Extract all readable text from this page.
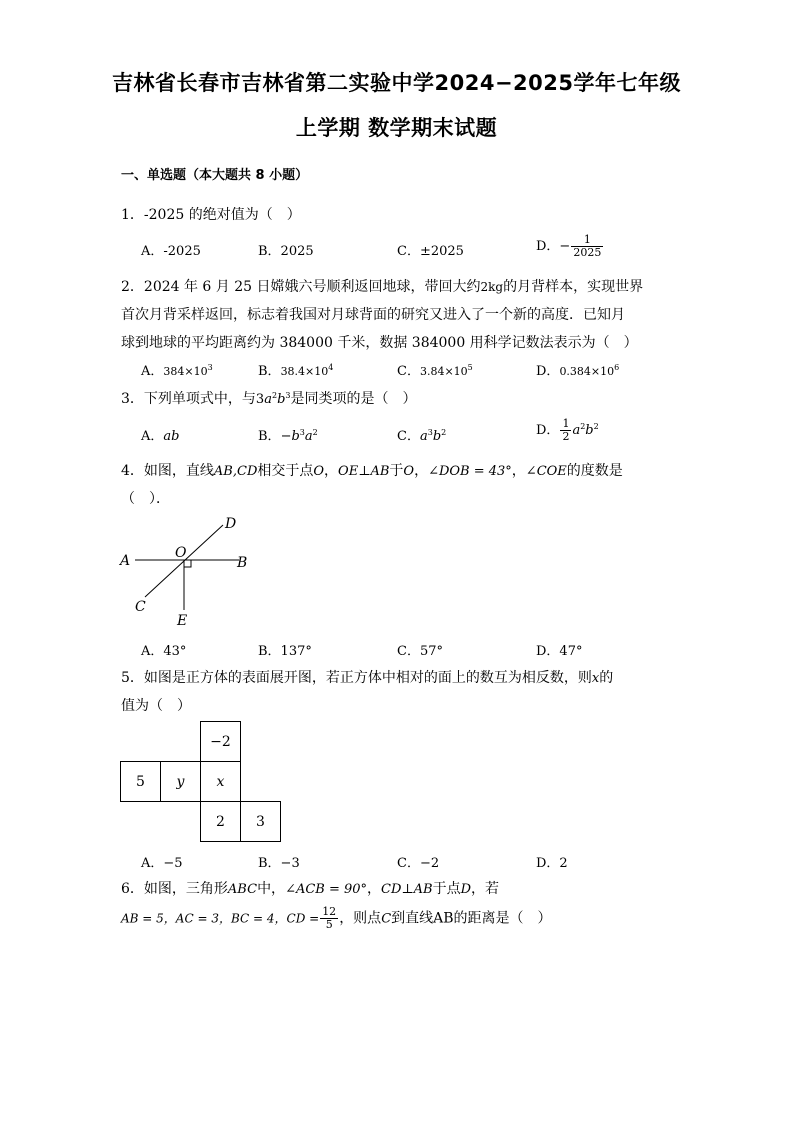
吉林省长春市吉林省第二实验中学2024−2025学年七年级
上学期 数学期末试题
一、单选题（本大题共 8 小题）
1．-2025 的绝对值为（　）
A．-2025	B．2025	C．±2025	D．− $\frac{1}{2025}$
2．2024 年 6 月 25 日嫦娥六号顺利返回地球，带回大约2kg的月背样本，实现世界
首次月背采样返回，标志着我国对月球背面的研究又进入了一个新的高度．已知月
球到地球的平均距离约为 384000 千米，数据 384000 用科学记数法表示为（　）
A．$384\times 10^3$	B．$38.4\times 10^4$	C．$3.84\times 10^5$	D．$0.384\times 10^6$
3．下列单项式中，与$3a^2b^3$是同类项的是（　）
A．ab	B．$-b^3a^2$	C．$a^3b^2$	D． $\frac{1}{2} a^2b^2$
4．如图，直线AB,CD相交于点O，OE⊥AB于O，∠DOB = 43°，∠COE的度数是
（　）．
A	B
C
D
O
E
A．43°	B．137°	C．57°	D．47°
5．如图是正方体的表面展开图，若正方体中相对的面上的数互为相反数，则x的
值为（　）
−2
5 y x
2 3
A．−5	B．−3	C．−2	D．2
6．如图，三角形ABC中，∠ACB = 90°，CD⊥AB于点D，若
AB = 5，AC = 3，BC = 4，CD = $\frac{12}{5}$ ，则点C到直线AB的距离是（　）
